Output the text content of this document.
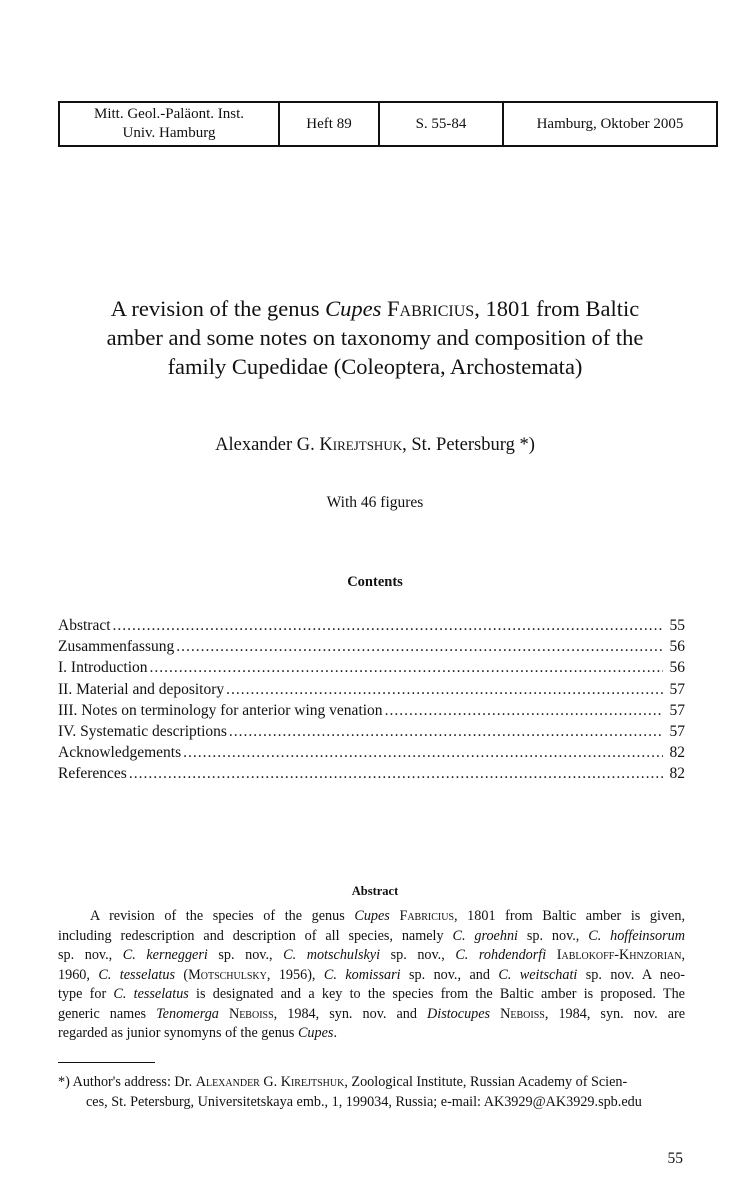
Mitt. Geol.-Paläont. Inst.
Univ. Hamburg	Heft 89	S. 55-84	Hamburg, Oktober 2005
A revision of the genus Cupes Fabricius, 1801 from Baltic
amber and some notes on taxonomy and composition of the
family Cupedidae (Coleoptera, Archostemata)
Alexander G. Kirejtshuk, St. Petersburg *)
With 46 figures
Contents
Abstract .....	55
Zusammenfassung .....	56
I. Introduction .....	56
II. Material and depository .....	57
III. Notes on terminology for anterior wing venation .....	57
IV. Systematic descriptions .....	57
Acknowledgements .....	82
References .....	82
Abstract
A revision of the species of the genus Cupes Fabricius, 1801 from Baltic amber is given,
including redescription and description of all species, namely C. groehni sp. nov., C. hoffeinsorum
sp. nov., C. kerneggeri sp. nov., C. motschulskyi sp. nov., C. rohdendorfi Iablokoff-Khnzorian,
1960, C. tesselatus (Motschulsky, 1956), C. komissari sp. nov., and C. weitschati sp. nov. A neo-
type for C. tesselatus is designated and a key to the species from the Baltic amber is proposed. The
generic names Tenomerga Neboiss, 1984, syn. nov. and Distocupes Neboiss, 1984, syn. nov. are
regarded as junior synomyns of the genus Cupes.
*) Author's address: Dr. Alexander G. Kirejtshuk, Zoological Institute, Russian Academy of Scien-
ces, St. Petersburg, Universitetskaya emb., 1, 199034, Russia; e-mail: AK3929@AK3929.spb.edu
55
